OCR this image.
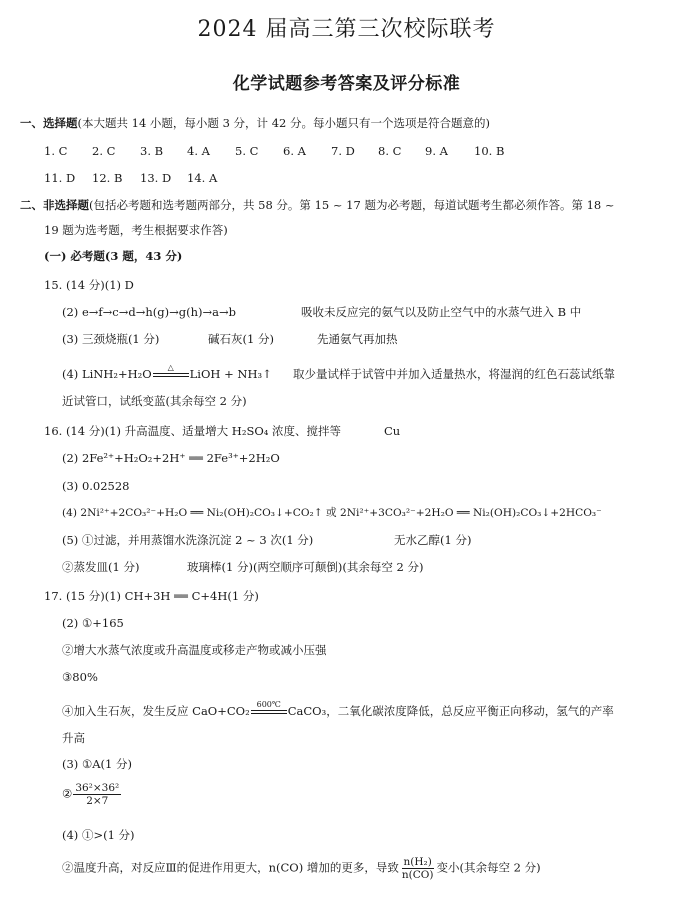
2024 届高三第三次校际联考
化学试题参考答案及评分标准
一、选择题(本大题共 14 小题，每小题 3 分，计 42 分。每小题只有一个选项是符合题意的)
1. C 2. C 3. B 4. A 5. C 6. A 7. D 8. C 9. A 10. B
11. D 12. B 13. D 14. A
二、非选择题(包括必考题和选考题两部分，共 58 分。第 15 ~ 17 题为必考题，每道试题考生都必须作答。第 18 ~
19 题为选考题，考生根据要求作答)
(一) 必考题(3 题，43 分)
15. (14 分)(1) D
(2) e→f→c→d→h(g)→g(h)→a→b	吸收未反应完的氨气以及防止空气中的水蒸气进入 B 中
(3) 三颈烧瓶(1 分)	碱石灰(1 分)	先通氨气再加热
(4) LiNH₂+H₂O △ LiOH + NH₃↑ 取少量试样于试管中并加入适量热水，将湿润的红色石蕊试纸靠
近试管口，试纸变蓝(其余每空 2 分)
16. (14 分)(1) 升高温度、适量增大 H₂SO₄ 浓度、搅拌等	Cu
(2) 2Fe²⁺+H₂O₂+2H⁺ ══ 2Fe³⁺+2H₂O
(3) 0.02528
(4) 2Ni²⁺+2CO₃²⁻+H₂O ══ Ni₂(OH)₂CO₃↓+CO₂↑ 或 2Ni²⁺+3CO₃²⁻+2H₂O ══ Ni₂(OH)₂CO₃↓+2HCO₃⁻
(5) ①过滤，并用蒸馏水洗涤沉淀 2 ~ 3 次(1 分)	无水乙醇(1 分)
②蒸发皿(1 分)	玻璃棒(1 分)(两空顺序可颠倒)(其余每空 2 分)
17. (15 分)(1) CH+3H ══ C+4H(1 分)
(2) ①+165
②增大水蒸气浓度或升高温度或移走产物或减小压强
③80%
④加入生石灰，发生反应 CaO+CO₂ 600℃ CaCO₃，二氧化碳浓度降低，总反应平衡正向移动，氢气的产率
升高
(3) ①A(1 分)
② $\frac{\text{36²×36²}}{2\times 7}$
(4) ①>(1 分)
②温度升高，对反应Ⅲ的促进作用更大，n(CO) 增加的更多，导致 $\frac{\text{n(H₂)}}{n(CO)}$ 变小(其余每空 2 分)
